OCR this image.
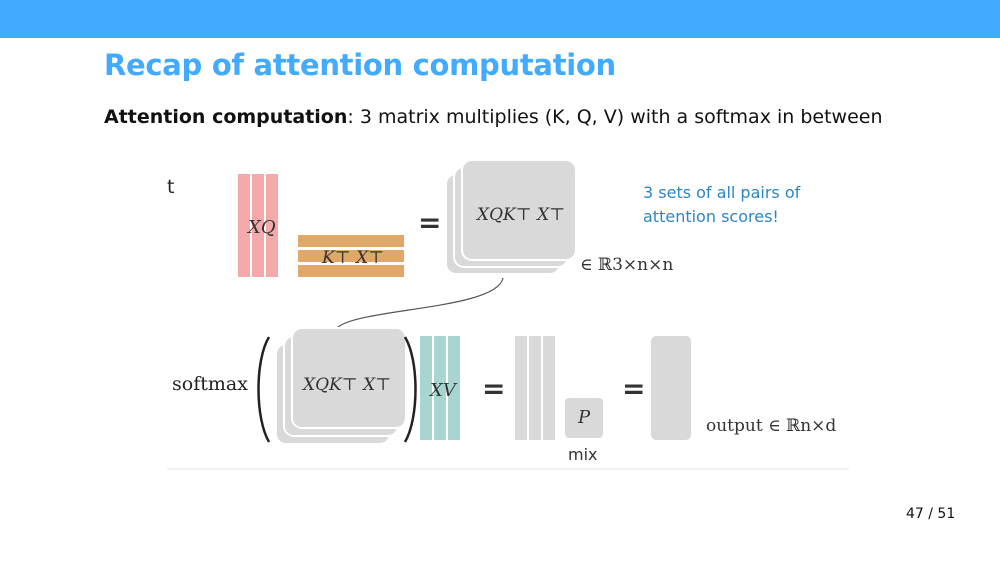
Recap of attention computation
Attention computation: 3 matrix multiplies (K, Q, V) with a softmax in between
t
XQ
K⊤ X⊤
= XQK⊤ X⊤
∈ ℝ3×n×n
3 sets of all pairs of
attention scores!
softmax	XQK⊤ X⊤ XV =
P
mix
=
output ∈ ℝn×d
47 / 51
